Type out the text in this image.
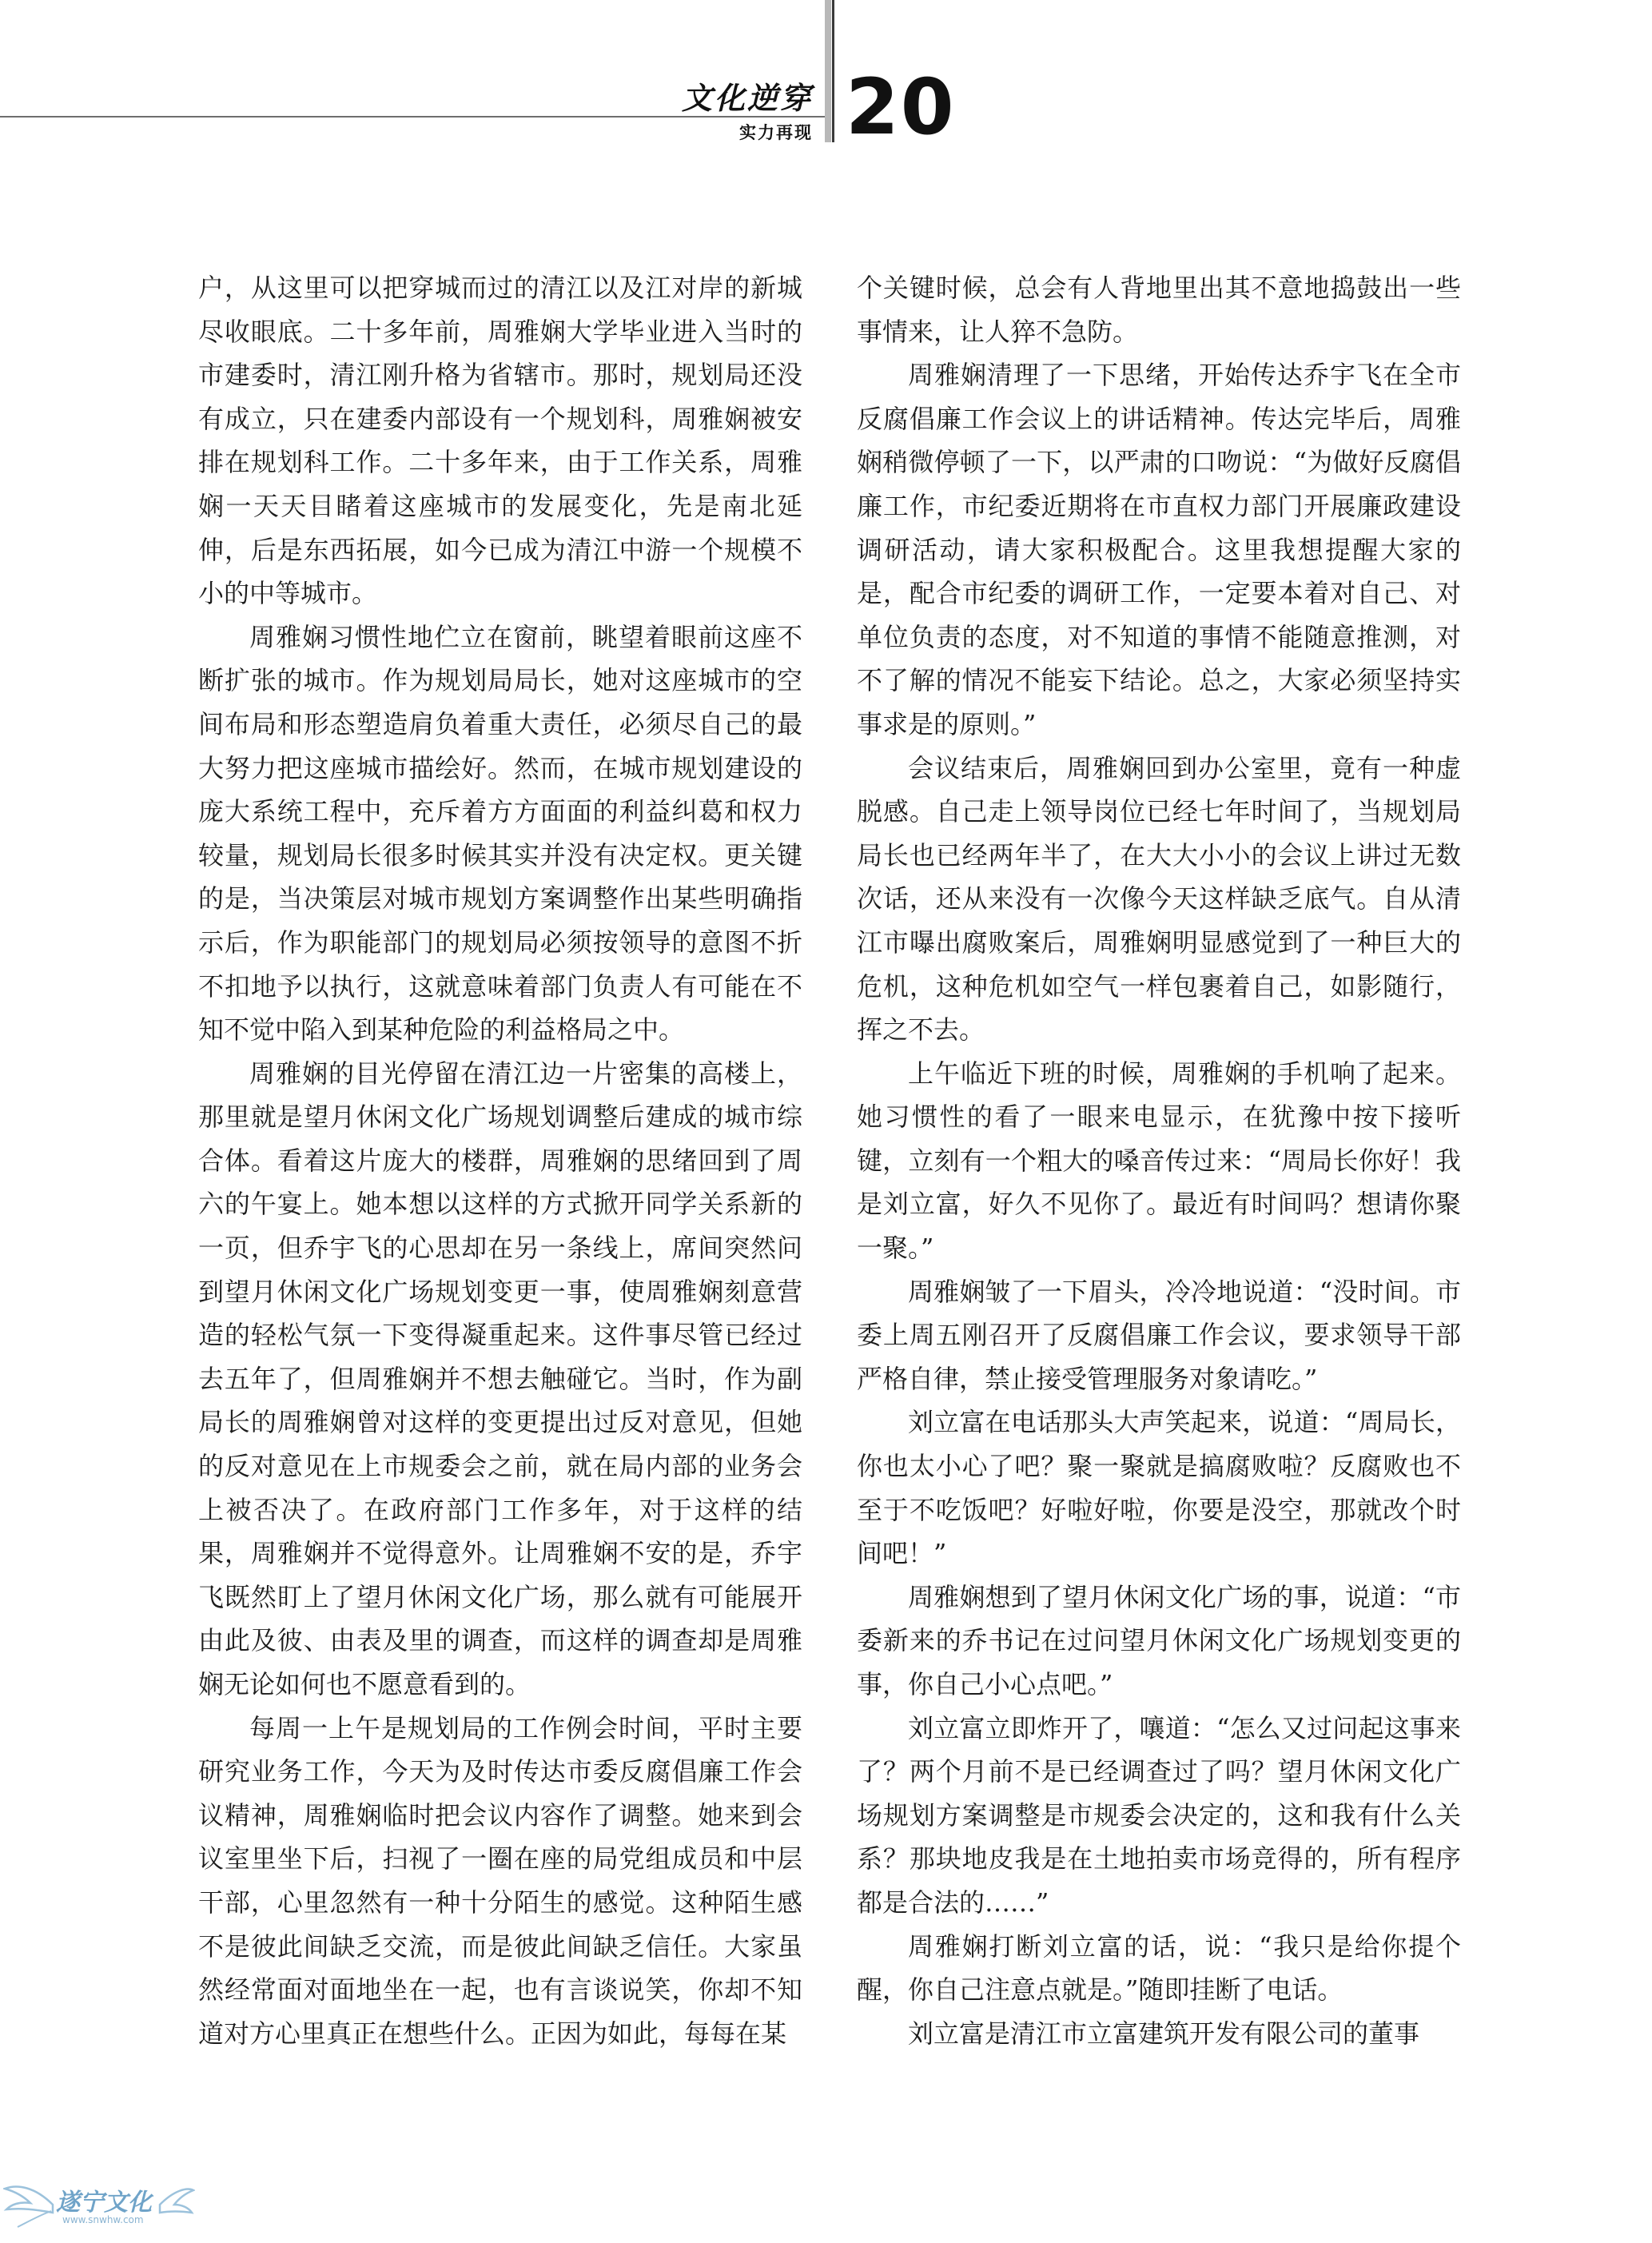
文化逆穿
实力再现 20

户，从这里可以把穿城而过的清江以及江对岸的新城尽收眼底。二十多年前，周雅娴大学毕业进入当时的市建委时，清江刚升格为省辖市。那时，规划局还没有成立，只在建委内部设有一个规划科，周雅娴被安排在规划科工作。二十多年来，由于工作关系，周雅娴一天天目睹着这座城市的发展变化，先是南北延伸，后是东西拓展，如今已成为清江中游一个规模不小的中等城市。

周雅娴习惯性地伫立在窗前，眺望着眼前这座不断扩张的城市。作为规划局局长，她对这座城市的空间布局和形态塑造肩负着重大责任，必须尽自己的最大努力把这座城市描绘好。然而，在城市规划建设的庞大系统工程中，充斥着方方面面的利益纠葛和权力较量，规划局长很多时候其实并没有决定权。更关键的是，当决策层对城市规划方案调整作出某些明确指示后，作为职能部门的规划局必须按领导的意图不折不扣地予以执行，这就意味着部门负责人有可能在不知不觉中陷入到某种危险的利益格局之中。

周雅娴的目光停留在清江边一片密集的高楼上，那里就是望月休闲文化广场规划调整后建成的城市综合体。看着这片庞大的楼群，周雅娴的思绪回到了周六的午宴上。她本想以这样的方式掀开同学关系新的一页，但乔宇飞的心思却在另一条线上，席间突然问到望月休闲文化广场规划变更一事，使周雅娴刻意营造的轻松气氛一下变得凝重起来。这件事尽管已经过去五年了，但周雅娴并不想去触碰它。当时，作为副局长的周雅娴曾对这样的变更提出过反对意见，但她的反对意见在上市规委会之前，就在局内部的业务会上被否决了。在政府部门工作多年，对于这样的结果，周雅娴并不觉得意外。让周雅娴不安的是，乔宇飞既然盯上了望月休闲文化广场，那么就有可能展开由此及彼、由表及里的调查，而这样的调查却是周雅娴无论如何也不愿意看到的。

每周一上午是规划局的工作例会时间，平时主要研究业务工作，今天为及时传达市委反腐倡廉工作会议精神，周雅娴临时把会议内容作了调整。她来到会议室里坐下后，扫视了一圈在座的局党组成员和中层干部，心里忽然有一种十分陌生的感觉。这种陌生感不是彼此间缺乏交流，而是彼此间缺乏信任。大家虽然经常面对面地坐在一起，也有言谈说笑，你却不知道对方心里真正在想些什么。正因为如此，每每在某

个关键时候，总会有人背地里出其不意地捣鼓出一些事情来，让人猝不急防。

周雅娴清理了一下思绪，开始传达乔宇飞在全市反腐倡廉工作会议上的讲话精神。传达完毕后，周雅娴稍微停顿了一下，以严肃的口吻说：“为做好反腐倡廉工作，市纪委近期将在市直权力部门开展廉政建设调研活动，请大家积极配合。这里我想提醒大家的是，配合市纪委的调研工作，一定要本着对自己、对单位负责的态度，对不知道的事情不能随意推测，对不了解的情况不能妄下结论。总之，大家必须坚持实事求是的原则。”

会议结束后，周雅娴回到办公室里，竟有一种虚脱感。自己走上领导岗位已经七年时间了，当规划局局长也已经两年半了，在大大小小的会议上讲过无数次话，还从来没有一次像今天这样缺乏底气。自从清江市曝出腐败案后，周雅娴明显感觉到了一种巨大的危机，这种危机如空气一样包裹着自己，如影随行，挥之不去。

上午临近下班的时候，周雅娴的手机响了起来。她习惯性的看了一眼来电显示，在犹豫中按下接听键，立刻有一个粗大的嗓音传过来：“周局长你好！我是刘立富，好久不见你了。最近有时间吗？想请你聚一聚。”

周雅娴皱了一下眉头，冷冷地说道：“没时间。市委上周五刚召开了反腐倡廉工作会议，要求领导干部严格自律，禁止接受管理服务对象请吃。”

刘立富在电话那头大声笑起来，说道：“周局长，你也太小心了吧？聚一聚就是搞腐败啦？反腐败也不至于不吃饭吧？好啦好啦，你要是没空，那就改个时间吧！”

周雅娴想到了望月休闲文化广场的事，说道：“市委新来的乔书记在过问望月休闲文化广场规划变更的事，你自己小心点吧。”

刘立富立即炸开了，嚷道：“怎么又过问起这事来了？两个月前不是已经调查过了吗？望月休闲文化广场规划方案调整是市规委会决定的，这和我有什么关系？那块地皮我是在土地拍卖市场竞得的，所有程序都是合法的……”

周雅娴打断刘立富的话，说：“我只是给你提个醒，你自己注意点就是。”随即挂断了电话。

刘立富是清江市立富建筑开发有限公司的董事

遂宁文化
www.snwhw.com
